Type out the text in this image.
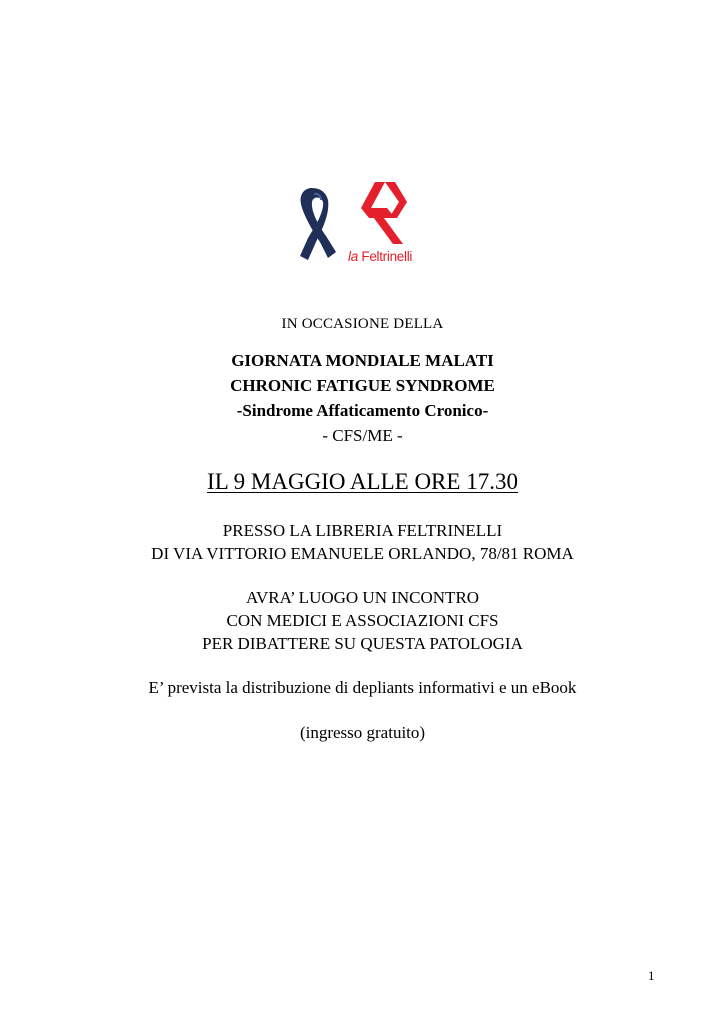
la Feltrinelli
IN OCCASIONE DELLA
GIORNATA MONDIALE MALATI
CHRONIC FATIGUE SYNDROME
-Sindrome Affaticamento Cronico-
- CFS/ME -
IL 9 MAGGIO ALLE ORE 17.30
PRESSO LA LIBRERIA FELTRINELLI
DI VIA VITTORIO EMANUELE ORLANDO, 78/81 ROMA
AVRA’ LUOGO UN INCONTRO
CON MEDICI E ASSOCIAZIONI CFS
PER DIBATTERE SU QUESTA PATOLOGIA
E’ prevista la distribuzione di depliants informativi e un eBook
(ingresso gratuito)
1
